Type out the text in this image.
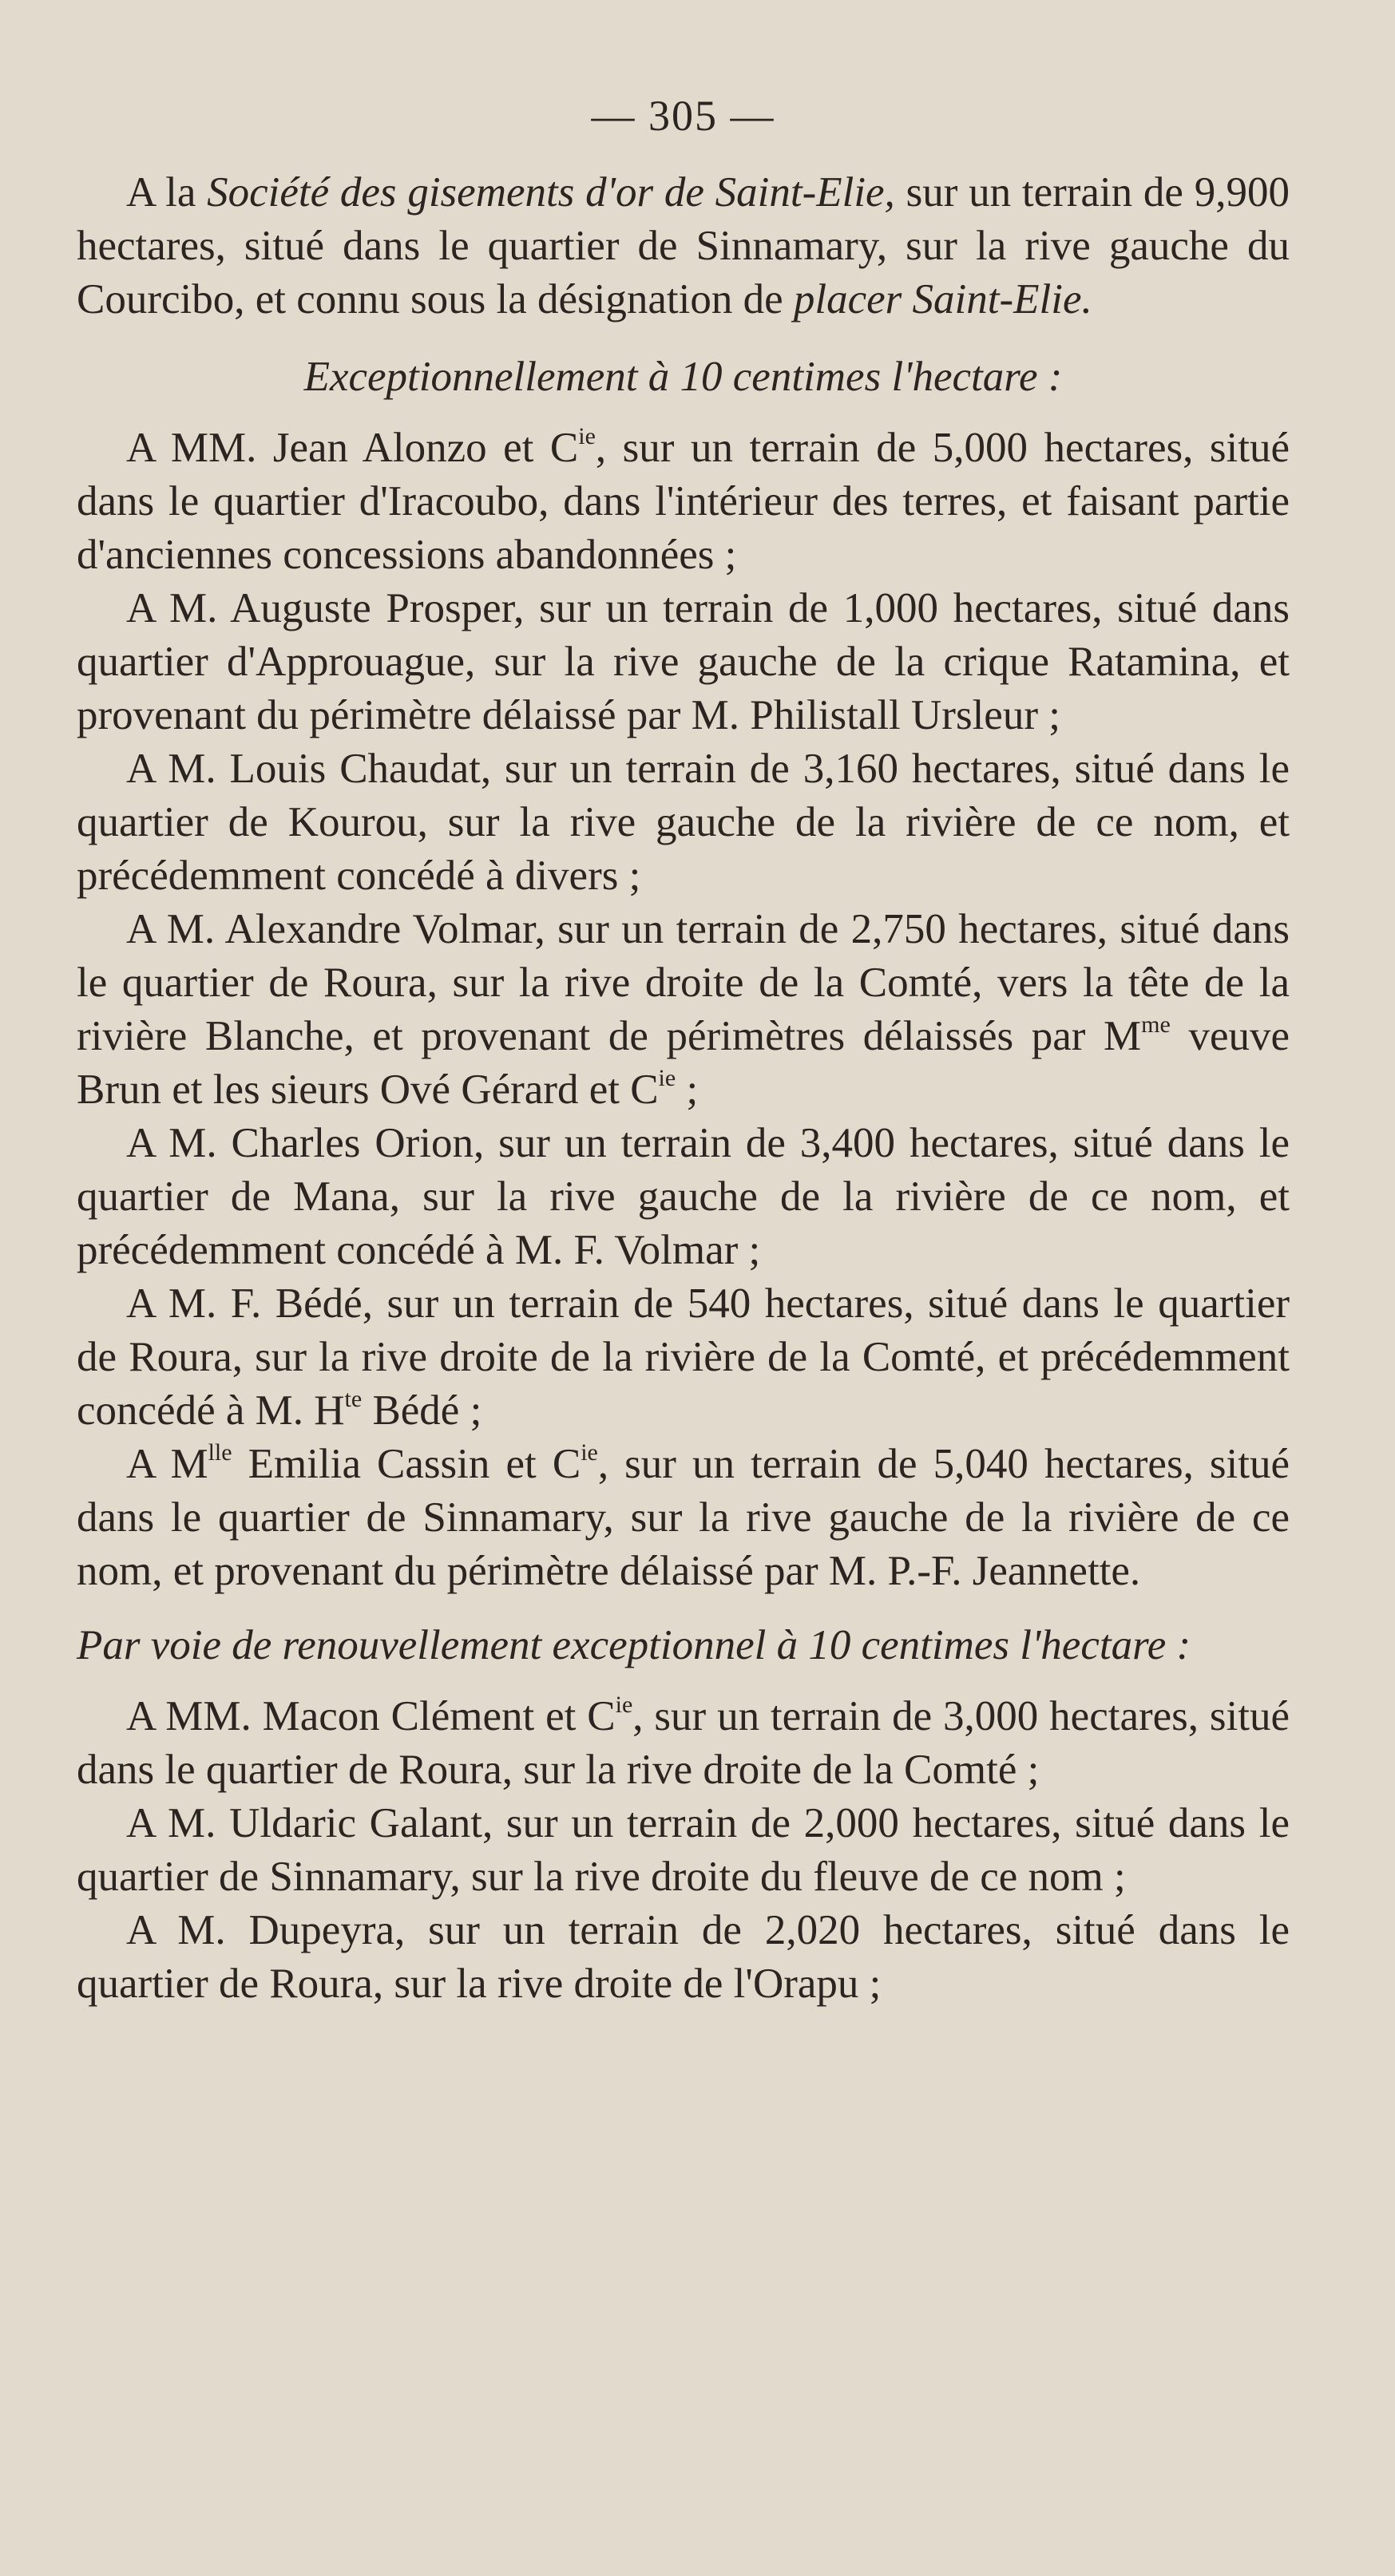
— 305 —

A la Société des gisements d'or de Saint-Elie, sur un terrain de 9,900 hectares, situé dans le quartier de Sinnamary, sur la rive gauche du Courcibo, et connu sous la désignation de placer Saint-Elie.

Exceptionnellement à 10 centimes l'hectare :

A MM. Jean Alonzo et $C^{ie}$, sur un terrain de 5,000 hectares, situé dans le quartier d'Iracoubo, dans l'intérieur des terres, et faisant partie d'anciennes concessions abandonnées ;

A M. Auguste Prosper, sur un terrain de 1,000 hectares, situé dans quartier d'Approuague, sur la rive gauche de la crique Ratamina, et provenant du périmètre délaissé par M. Philistall Ursleur ;

A M. Louis Chaudat, sur un terrain de 3,160 hectares, situé dans le quartier de Kourou, sur la rive gauche de la rivière de ce nom, et précédemment concédé à divers ;

A M. Alexandre Volmar, sur un terrain de 2,750 hectares, situé dans le quartier de Roura, sur la rive droite de la Comté, vers la tête de la rivière Blanche, et provenant de périmètres délaissés par $M^{me}$ veuve Brun et les sieurs Ové Gérard et $C^{ie}$ ;

A M. Charles Orion, sur un terrain de 3,400 hectares, situé dans le quartier de Mana, sur la rive gauche de la rivière de ce nom, et précédemment concédé à M. F. Volmar ;

A M. F. Bédé, sur un terrain de 540 hectares, situé dans le quartier de Roura, sur la rive droite de la rivière de la Comté, et précédemment concédé à M. $H^{te}$ Bédé ;

A $M^{lle}$ Emilia Cassin et $C^{ie}$, sur un terrain de 5,040 hectares, situé dans le quartier de Sinnamary, sur la rive gauche de la rivière de ce nom, et provenant du périmètre délaissé par M. P.-F. Jeannette.

Par voie de renouvellement exceptionnel à 10 centimes l'hectare :

A MM. Macon Clément et $C^{ie}$, sur un terrain de 3,000 hectares, situé dans le quartier de Roura, sur la rive droite de la Comté ;

A M. Uldaric Galant, sur un terrain de 2,000 hectares, situé dans le quartier de Sinnamary, sur la rive droite du fleuve de ce nom ;

A M. Dupeyra, sur un terrain de 2,020 hectares, situé dans le quartier de Roura, sur la rive droite de l'Orapu ;
